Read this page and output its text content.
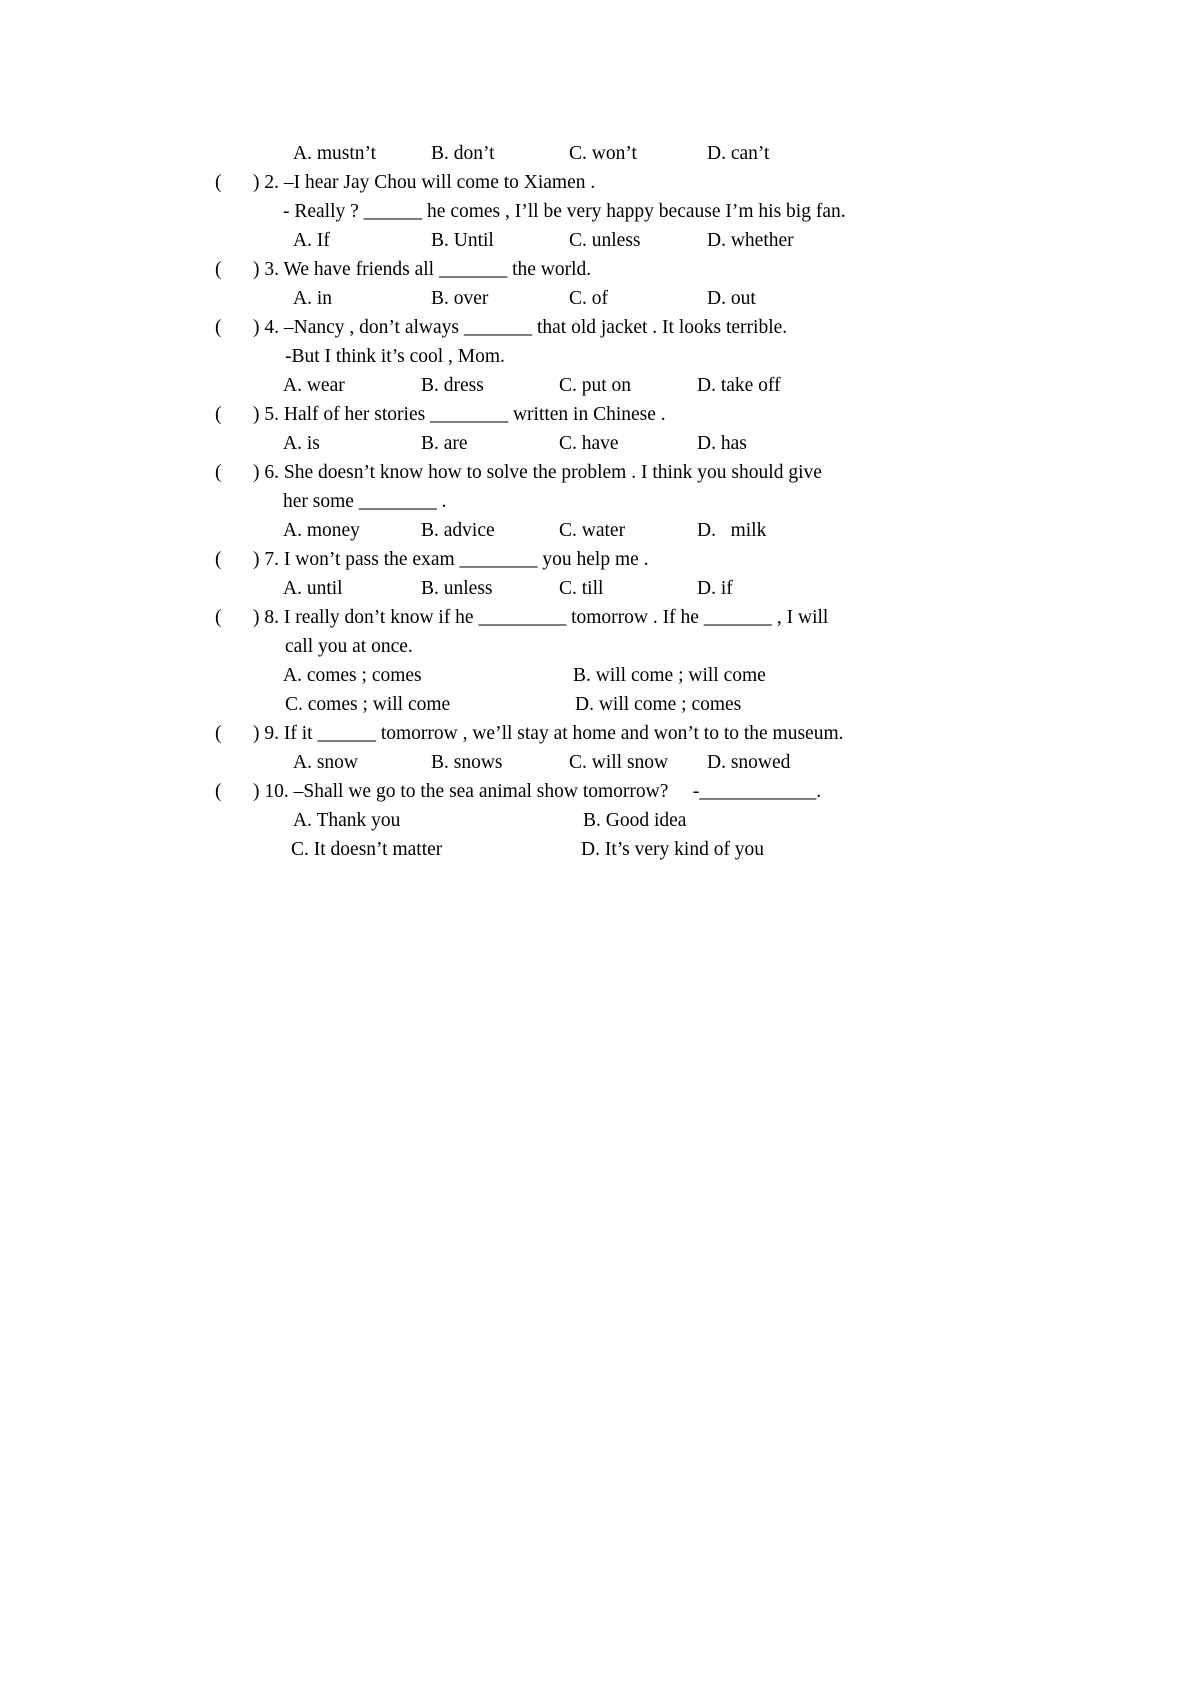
A. mustn’t	B. don’t	C. won’t	D. can’t
(	) 2. –I hear Jay Chou will come to Xiamen .
- Really ? ______ he comes , I’ll be very happy because I’m his big fan.
A. If	B. Until	C. unless	D. whether
(	) 3. We have friends all _______ the world.
A. in	B. over	C. of	D. out
(	) 4. –Nancy , don’t always _______ that old jacket . It looks terrible.
-But I think it’s cool , Mom.
A. wear	B. dress	C. put on	D. take off
(	) 5. Half of her stories ________ written in Chinese .
A. is	B. are	C. have	D. has
(	) 6. She doesn’t know how to solve the problem . I think you should give
her some ________ .
A. money	B. advice	C. water	D.   milk
(	) 7. I won’t pass the exam ________ you help me .
A. until	B. unless	C. till	D. if
(	) 8. I really don’t know if he _________ tomorrow . If he _______ , I will
call you at once.
A. comes ; comes	B. will come ; will come
C. comes ; will come	D. will come ; comes
(	) 9. If it ______ tomorrow , we’ll stay at home and won’t to to the museum.
A. snow	B. snows	C. will snow D. snowed
(	) 10. –Shall we go to the sea animal show tomorrow?     -____________.
A. Thank you	B. Good idea
C. It doesn’t matter	D. It’s very kind of you
